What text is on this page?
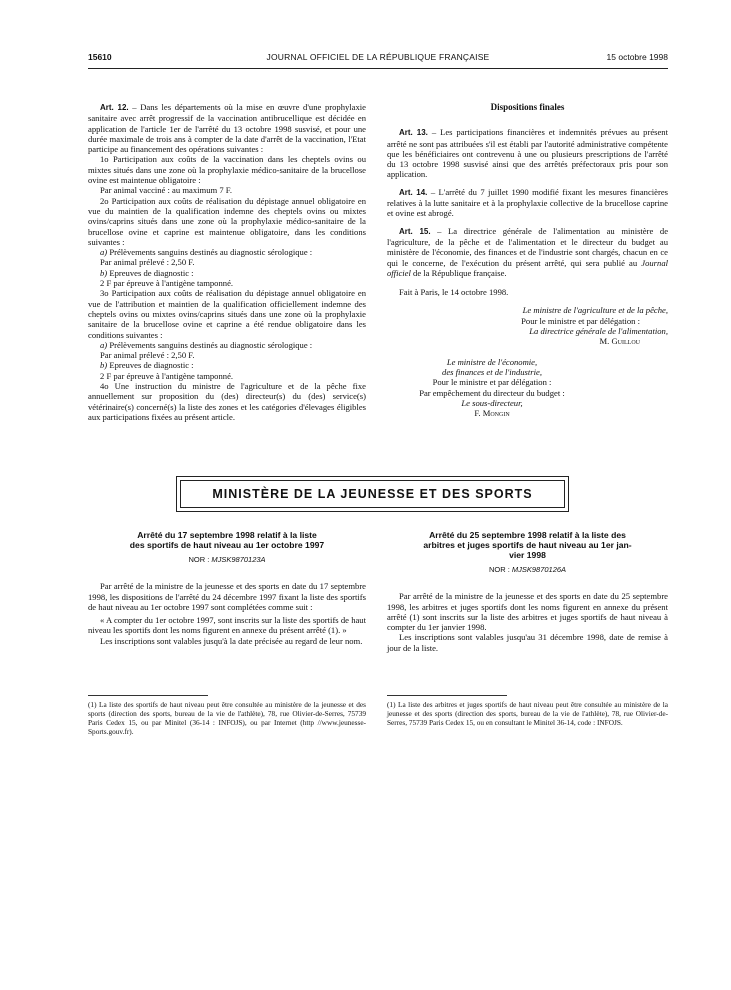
15610	JOURNAL OFFICIEL DE LA RÉPUBLIQUE FRANÇAISE	15 octobre 1998

Art. 12. – Dans les départements où la mise en œuvre d'une prophylaxie sanitaire avec arrêt progressif de la vaccination antibrucellique est décidée en application de l'article 1er de l'arrêté du 13 octobre 1998 susvisé, et pour une durée maximale de trois ans à compter de la date d'arrêt de la vaccination, l'Etat participe au financement des opérations suivantes :

1o Participation aux coûts de la vaccination dans les cheptels ovins ou mixtes situés dans une zone où la prophylaxie médico-sanitaire de la brucellose ovine est maintenue obligatoire :

Par animal vacciné : au maximum 7 F.

2o Participation aux coûts de réalisation du dépistage annuel obligatoire en vue du maintien de la qualification indemne des cheptels ovins ou mixtes ovins/caprins situés dans une zone où la prophylaxie médico-sanitaire de la brucellose ovine et caprine est maintenue obligatoire, dans les conditions suivantes :

a) Prélèvements sanguins destinés au diagnostic sérologique :

Par animal prélevé : 2,50 F.

b) Epreuves de diagnostic :

2 F par épreuve à l'antigène tamponné.

3o Participation aux coûts de réalisation du dépistage annuel obligatoire en vue de l'attribution et maintien de la qualification officiellement indemne des cheptels ovins ou mixtes ovins/caprins situés dans une zone où la prophylaxie sanitaire de la brucellose ovine et caprine a été rendue obligatoire dans les conditions suivantes :

a) Prélèvements sanguins destinés au diagnostic sérologique :

Par animal prélevé : 2,50 F.

b) Epreuves de diagnostic :

2 F par épreuve à l'antigène tamponné.

4o Une instruction du ministre de l'agriculture et de la pêche fixe annuellement sur proposition du (des) directeur(s) du (des) service(s) vétérinaire(s) concerné(s) la liste des zones et les catégories d'élevages éligibles aux participations fixées au présent article.

Dispositions finales

Art. 13. – Les participations financières et indemnités prévues au présent arrêté ne sont pas attribuées s'il est établi par l'autorité administrative compétente que les bénéficiaires ont contrevenu à une ou plusieurs prescriptions de l'arrêté du 13 octobre 1998 susvisé ainsi que des arrêtés préfectoraux pris pour son application.

Art. 14. – L'arrêté du 7 juillet 1990 modifié fixant les mesures financières relatives à la lutte sanitaire et à la prophylaxie collective de la brucellose caprine et ovine est abrogé.

Art. 15. – La directrice générale de l'alimentation au ministère de l'agriculture, de la pêche et de l'alimentation et le directeur du budget au ministère de l'économie, des finances et de l'industrie sont chargés, chacun en ce qui le concerne, de l'exécution du présent arrêté, qui sera publié au Journal officiel de la République française.

Fait à Paris, le 14 octobre 1998.

Le ministre de l'agriculture et de la pêche,
Pour le ministre et par délégation :
La directrice générale de l'alimentation,
M. Guillou
Le ministre de l'économie,
des finances et de l'industrie,
Pour le ministre et par délégation :
Par empêchement du directeur du budget :
Le sous-directeur,
F. Mongin
MINISTÈRE DE LA JEUNESSE ET DES SPORTS
Arrêté du 17 septembre 1998 relatif à la liste
des sportifs de haut niveau au 1er octobre 1997
NOR : MJSK9870123A

Par arrêté de la ministre de la jeunesse et des sports en date du 17 septembre 1998, les dispositions de l'arrêté du 24 décembre 1997 fixant la liste des sportifs de haut niveau au 1er octobre 1997 sont complétées comme suit :

« A compter du 1er octobre 1997, sont inscrits sur la liste des sportifs de haut niveau les sportifs dont les noms figurent en annexe du présent arrêté (1). »

Les inscriptions sont valables jusqu'à la date précisée au regard de leur nom.

Arrêté du 25 septembre 1998 relatif à la liste des
arbitres et juges sportifs de haut niveau au 1er jan-
vier 1998
NOR : MJSK9870126A

Par arrêté de la ministre de la jeunesse et des sports en date du 25 septembre 1998, les arbitres et juges sportifs dont les noms figurent en annexe du présent arrêté (1) sont inscrits sur la liste des arbitres et juges sportifs de haut niveau à compter du 1er janvier 1998.

Les inscriptions sont valables jusqu'au 31 décembre 1998, date de remise à jour de la liste.

(1) La liste des sportifs de haut niveau peut être consultée au ministère de la jeunesse et des sports (direction des sports, bureau de la vie de l'athlète), 78, rue Olivier-de-Serres, 75739 Paris Cedex 15, ou par Minitel (36-14 : INFOJS), ou par Internet (http //www.jeunesse-Sports.gouv.fr).
(1) La liste des arbitres et juges sportifs de haut niveau peut être consultée au ministère de la jeunesse et des sports (direction des sports, bureau de la vie de l'athlète), 78, rue Olivier-de-Serres, 75739 Paris Cedex 15, ou en consultant le Minitel 36-14, code : INFOJS.
